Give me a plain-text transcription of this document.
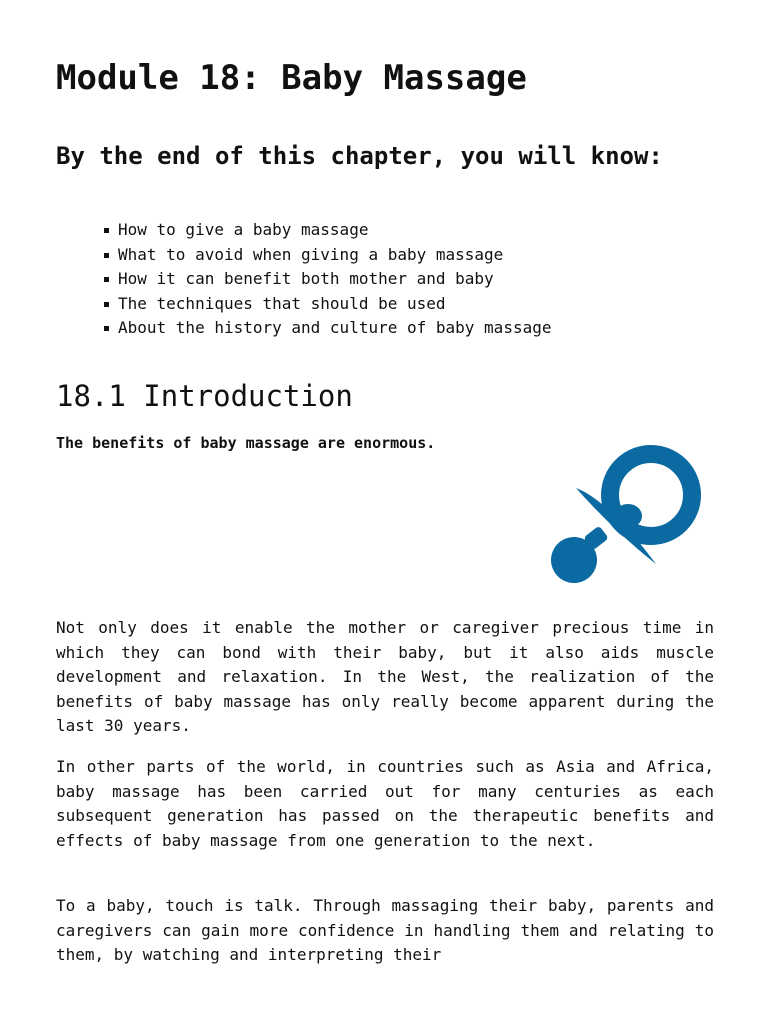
Module 18: Baby Massage
By the end of this chapter, you will know:
How to give a baby massage
What to avoid when giving a baby massage
How it can benefit both mother and baby
The techniques that should be used
About the history and culture of baby massage
18.1 Introduction

The benefits of baby massage are enormous.

Not only does it enable the mother or caregiver precious time in which they can bond with their baby, but it also aids muscle development and relaxation. In the West, the realization of the benefits of baby massage has only really become apparent during the last 30 years.

In other parts of the world, in countries such as Asia and Africa, baby massage has been carried out for many centuries as each subsequent generation has passed on the therapeutic benefits and effects of baby massage from one generation to the next.

To a baby, touch is talk. Through massaging their baby, parents and caregivers can gain more confidence in handling them and relating to them, by watching and interpreting their
